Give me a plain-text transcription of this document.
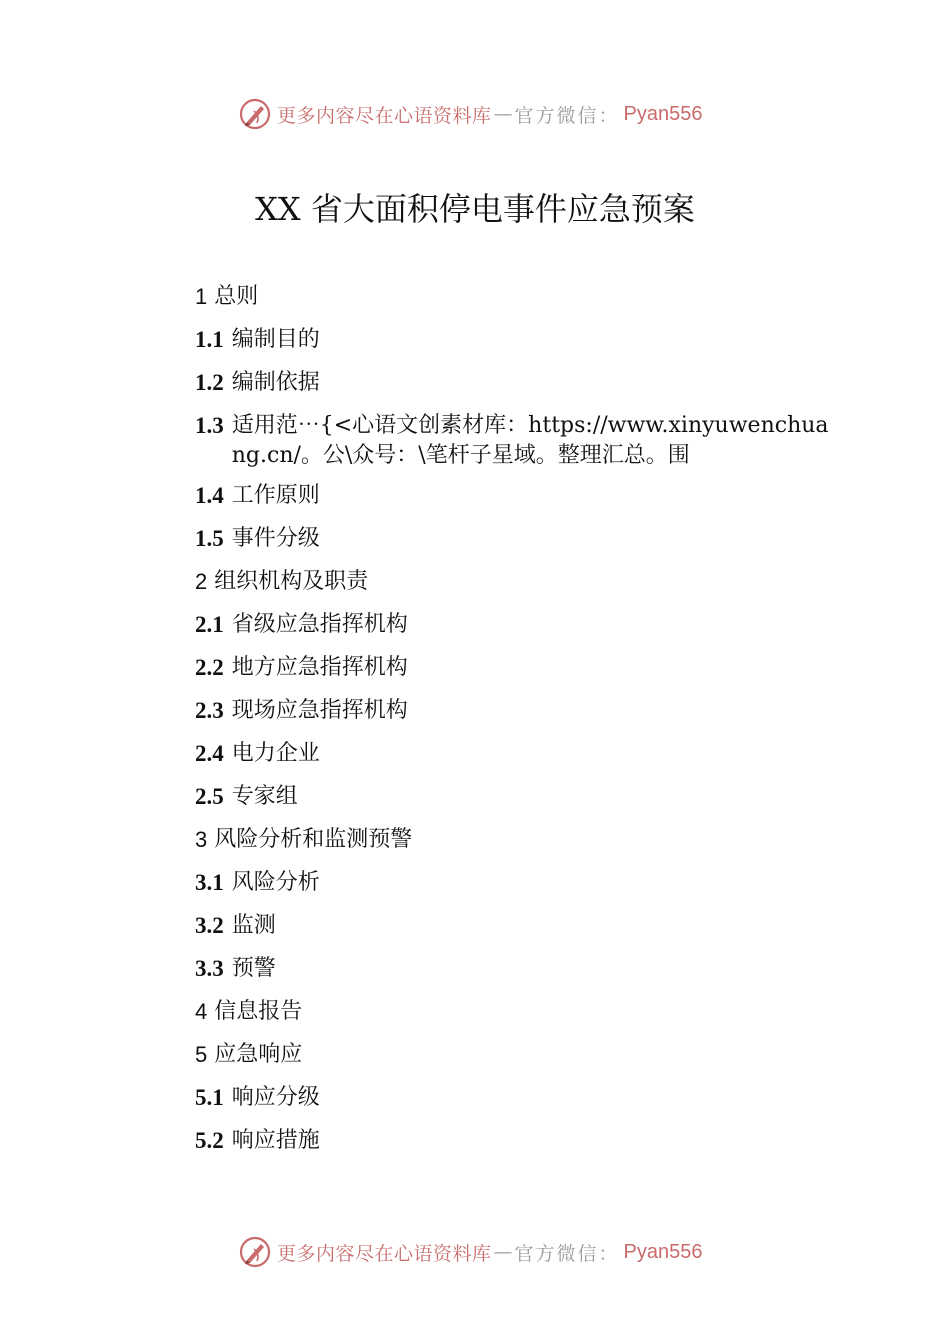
更多内容尽在心语资料库 — 官方微信： Pyan556
XX 省大面积停电事件应急预案
1 总则
1.1 编制目的
1.2 编制依据
1.3 适用范⋯{<心语文创素材库：https://www.xinyuwenchuang.cn/。公\众号：\笔杆子星域。整理汇总。围
1.4 工作原则
1.5 事件分级
2 组织机构及职责
2.1 省级应急指挥机构
2.2 地方应急指挥机构
2.3 现场应急指挥机构
2.4 电力企业
2.5 专家组
3 风险分析和监测预警
3.1 风险分析
3.2 监测
3.3 预警
4 信息报告
5 应急响应
5.1 响应分级
5.2 响应措施
更多内容尽在心语资料库 — 官方微信： Pyan556
